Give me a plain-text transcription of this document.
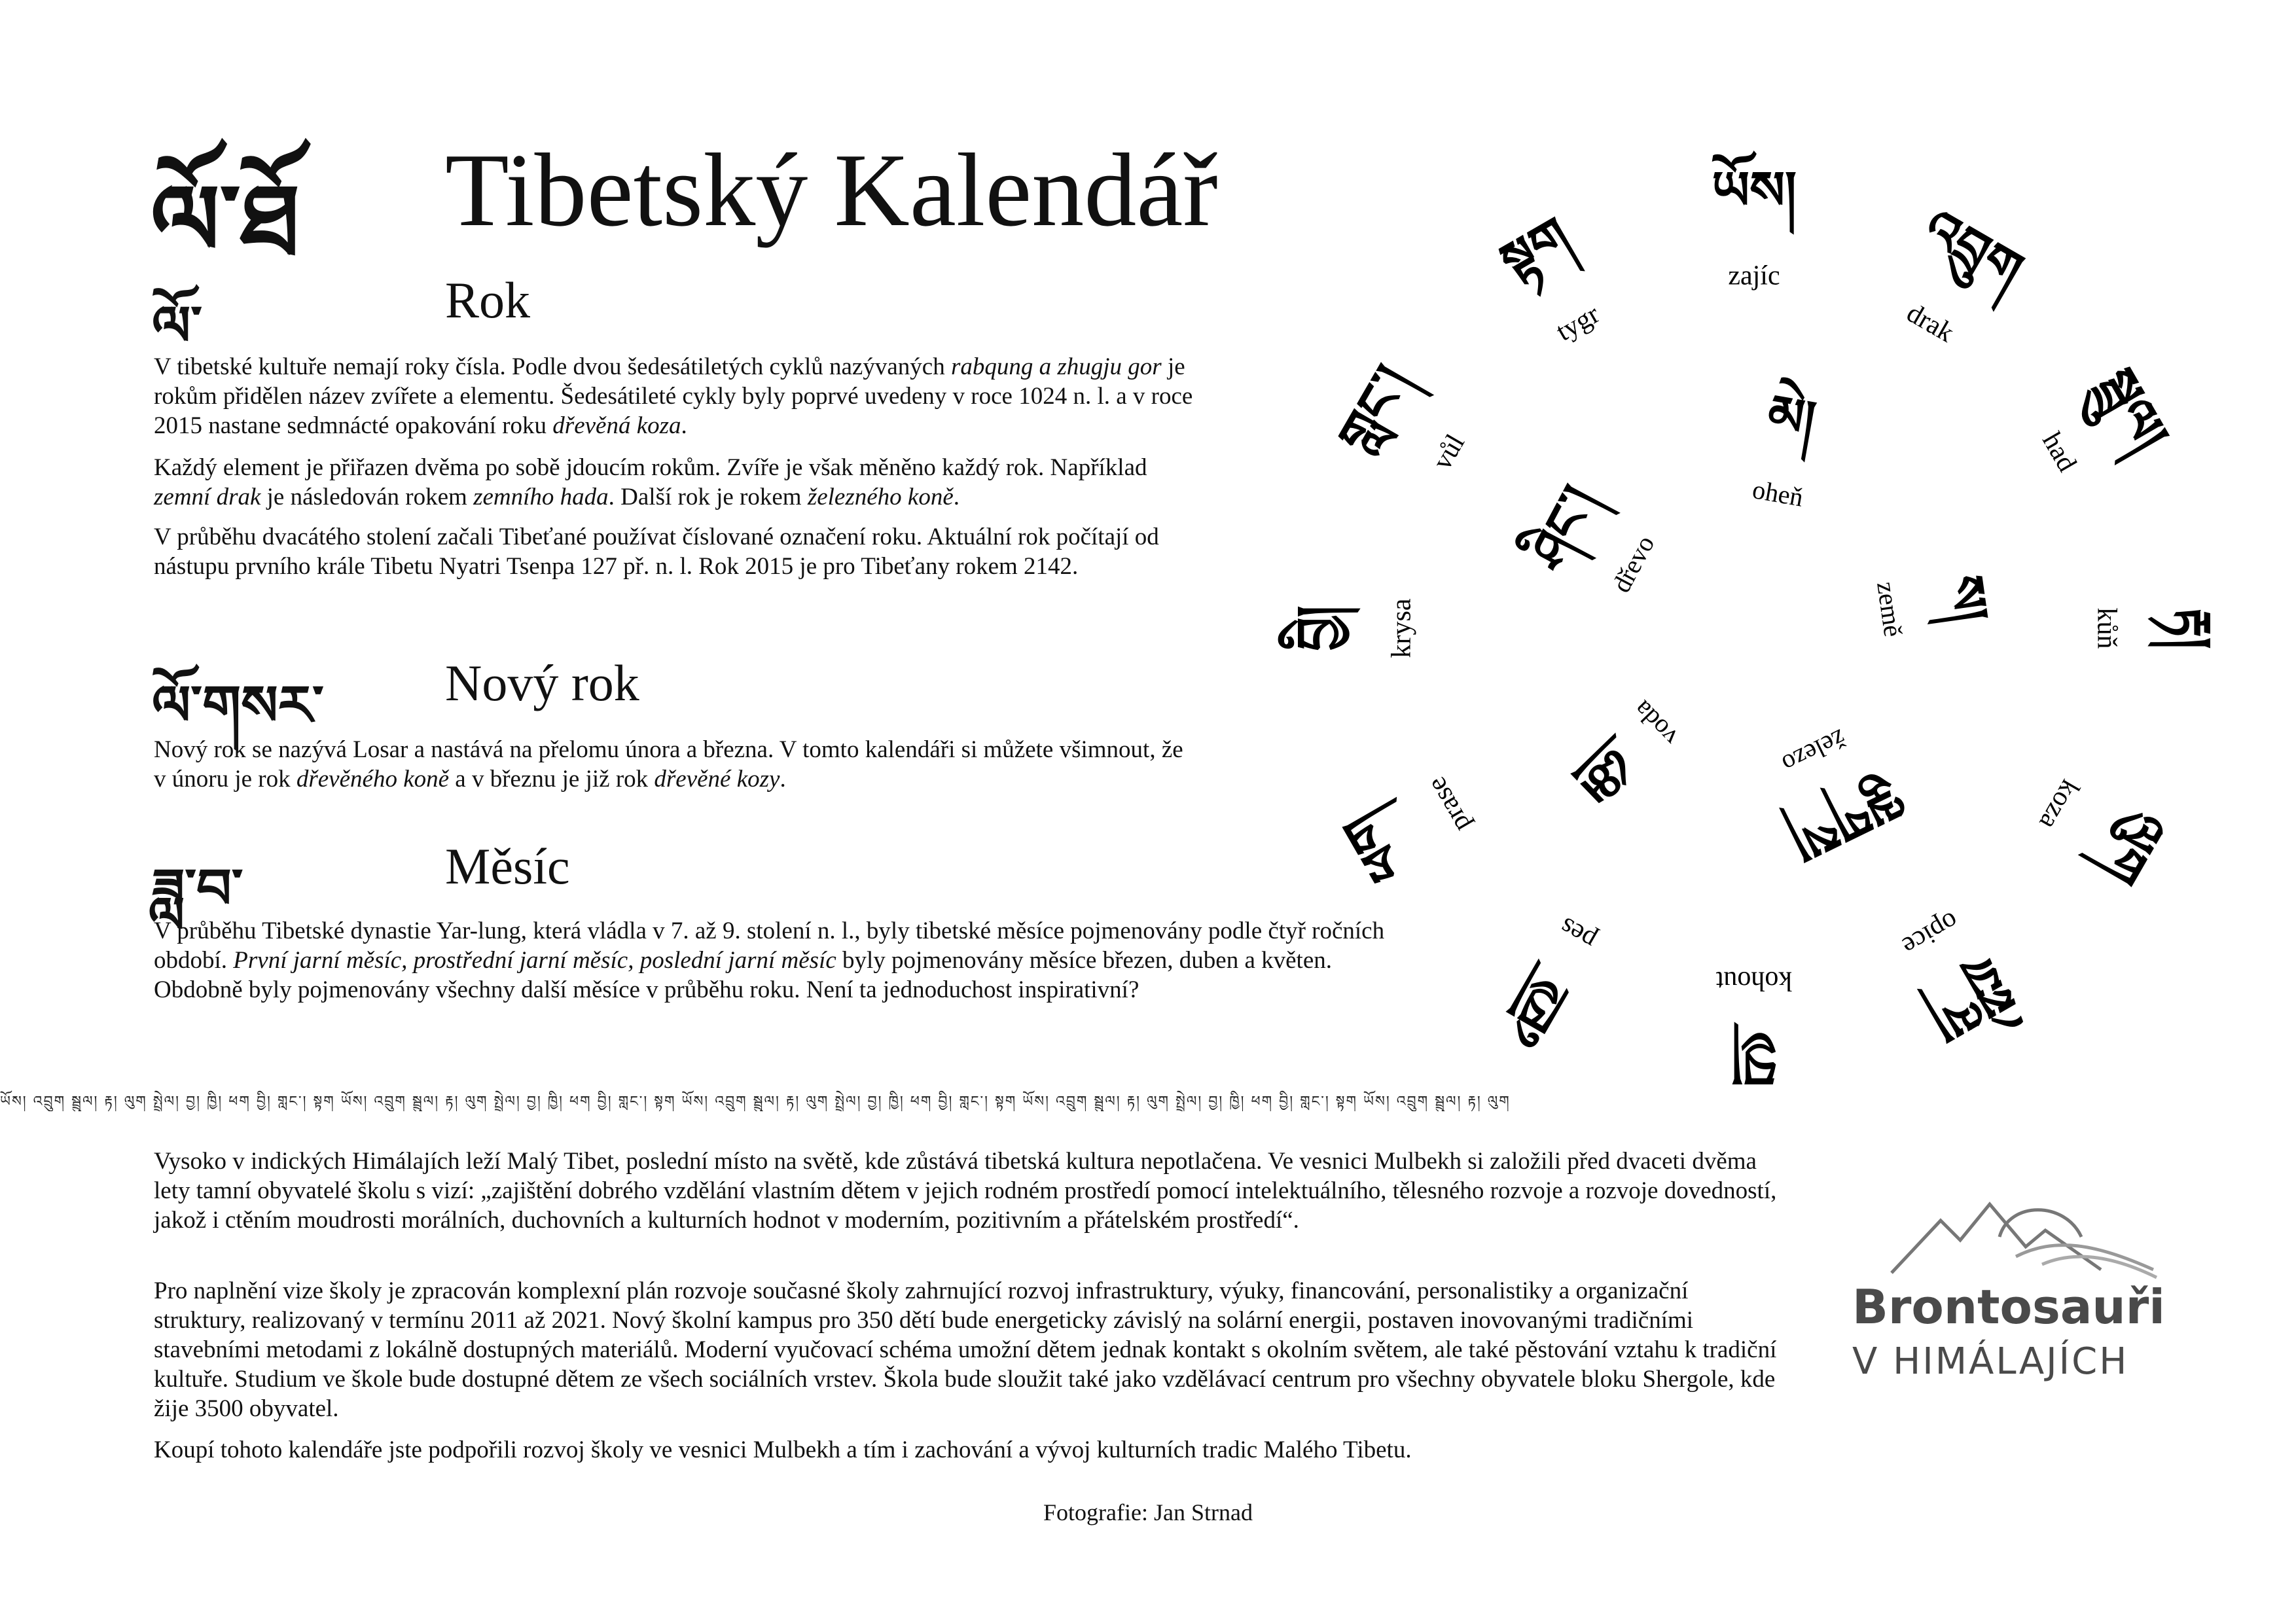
ལོ་ཐོ Tibetský Kalendář
ལོ་	Rok

V tibetské kultuře nemají roky čísla. Podle dvou šedesátiletých cyklů nazývaných rabqung a zhugju gor je rokům přidělen název zvířete a elementu. Šedesátileté cykly byly poprvé uvedeny v roce 1024 n. l. a v roce 2015 nastane sedmnácté opakování roku dřevěná koza.

Každý element je přiřazen dvěma po sobě jdoucím rokům. Zvíře je však měněno každý rok. Například zemní drak je následován rokem zemního hada. Další rok je rokem železného koně.

V průběhu dvacátého stolení začali Tibeťané používat číslované označení roku. Aktuální rok počítají od nástupu prvního krále Tibetu Nyatri Tsenpa 127 př. n. l. Rok 2015 je pro Tibeťany rokem 2142.

ལོ་གསར་ Nový rok

Nový rok se nazývá Losar a nastává na přelomu února a března. V tomto kalendáři si můžete všimnout, že v únoru je rok dřevěného koně a v březnu je již rok dřevěné kozy.

ཟླ་བ་	Měsíc

V průběhu Tibetské dynastie Yar-lung, která vládla v 7. až 9. stolení n. l., byly tibetské měsíce pojmenovány podle čtyř ročních období. První jarní měsíc, prostřední jarní měsíc, poslední jarní měsíc byly pojmenovány měsíce březen, duben a květen. Obdobně byly pojmenovány všechny další měsíce v průběhu roku. Není ta jednoduchost inspirativní?

ཡོས།
zajíc	འབྲུག
drak
སྦྲུལ།
had
རྟ།
kůň
ལུག
koza
སྤྲེལ།
opice
བྱ།
kohout
ཁྱི།
pes
ཕག prase
བྱི།	krysa
གླང་། vůl
སྟག
tygr
མེ།
oheň
ས།
země
ལྕགས།
železo
ཆུ།
voda
ཤིང་།
dřevo
ཡོས། འབྲུག སྦྲུལ། རྟ། ལུག སྤྲེལ། བྱ། ཁྱི། ཕག བྱི། གླང་། སྟག ཡོས། འབྲུག སྦྲུལ། རྟ། ལུག སྤྲེལ། བྱ། ཁྱི། ཕག བྱི། གླང་། སྟག ཡོས། འབྲུག སྦྲུལ། རྟ། ལུག སྤྲེལ། བྱ། ཁྱི། ཕག བྱི། གླང་། སྟག ཡོས། འབྲུག སྦྲུལ། རྟ། ལུག སྤྲེལ། བྱ། ཁྱི། ཕག བྱི། གླང་། སྟག ཡོས། འབྲུག སྦྲུལ། རྟ། ལུག

Vysoko v indických Himálajích leží Malý Tibet, poslední místo na světě, kde zůstává tibetská kultura nepotlačena. Ve vesnici Mulbekh si založili před dvaceti dvěma lety tamní obyvatelé školu s vizí: „zajištění dobrého vzdělání vlastním dětem v jejich rodném prostředí pomocí intelektuálního, tělesného rozvoje a rozvoje dovedností, jakož i ctěním moudrosti morálních, duchovních a kulturních hodnot v moderním, pozitivním a přátelském prostředí“.

Pro naplnění vize školy je zpracován komplexní plán rozvoje současné školy zahrnující rozvoj infrastruktury, výuky, financování, personalistiky a organizační struktury, realizovaný v termínu 2011 až 2021. Nový školní kampus pro 350 dětí bude energeticky závislý na solární energii, postaven inovovanými tradičními stavebními metodami z lokálně dostupných materiálů. Moderní vyučovací schéma umožní dětem jednak kontakt s okolním světem, ale také pěstování vztahu k tradiční kultuře. Studium ve škole bude dostupné dětem ze všech sociálních vrstev. Škola bude sloužit také jako vzdělávací centrum pro všechny obyvatele bloku Shergole, kde žije 3500 obyvatel.

Koupí tohoto kalendáře jste podpořili rozvoj školy ve vesnici Mulbekh a tím i zachování a vývoj kulturních tradic Malého Tibetu.

Fotografie: Jan Strnad
Brontosauři
V HIMÁLAJÍCH
